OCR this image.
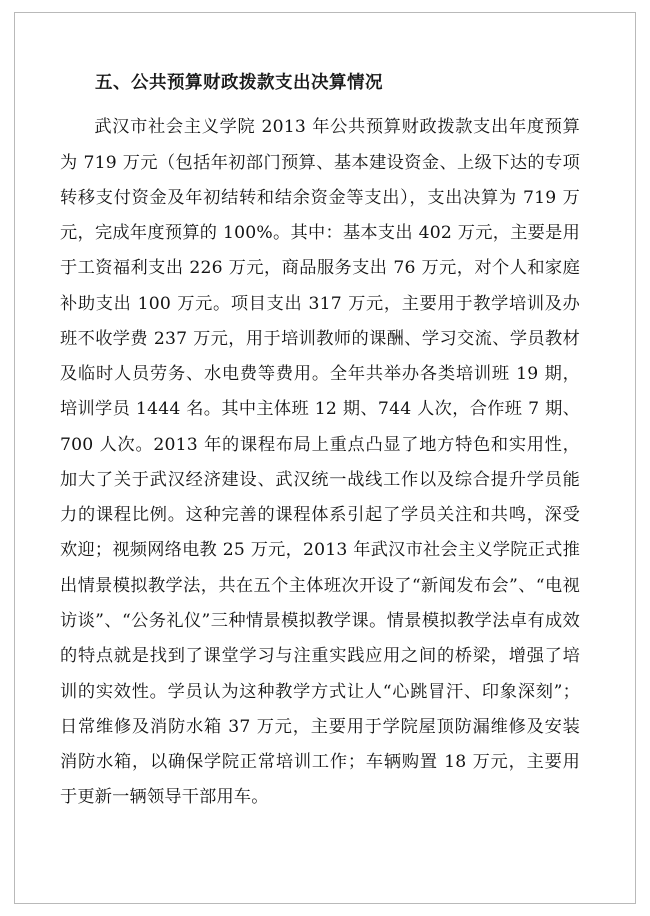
五、公共预算财政拨款支出决算情况

武汉市社会主义学院 2013 年公共预算财政拨款支出年度预算为 719 万元（包括年初部门预算、基本建设资金、上级下达的专项转移支付资金及年初结转和结余资金等支出），支出决算为 719 万元，完成年度预算的 100%。其中：基本支出 402 万元，主要是用于工资福利支出 226 万元，商品服务支出 76 万元，对个人和家庭补助支出 100 万元。项目支出 317 万元，主要用于教学培训及办班不收学费 237 万元，用于培训教师的课酬、学习交流、学员教材及临时人员劳务、水电费等费用。全年共举办各类培训班 19 期，培训学员 1444 名。其中主体班 12 期、744 人次，合作班 7 期、700 人次。2013 年的课程布局上重点凸显了地方特色和实用性，加大了关于武汉经济建设、武汉统一战线工作以及综合提升学员能力的课程比例。这种完善的课程体系引起了学员关注和共鸣，深受欢迎；视频网络电教 25 万元，2013 年武汉市社会主义学院正式推出情景模拟教学法，共在五个主体班次开设了“新闻发布会”、“电视访谈”、“公务礼仪”三种情景模拟教学课。情景模拟教学法卓有成效的特点就是找到了课堂学习与注重实践应用之间的桥梁，增强了培训的实效性。学员认为这种教学方式让人“心跳冒汗、印象深刻”；日常维修及消防水箱 37 万元，主要用于学院屋顶防漏维修及安装消防水箱，以确保学院正常培训工作；车辆购置 18 万元，主要用于更新一辆领导干部用车。
